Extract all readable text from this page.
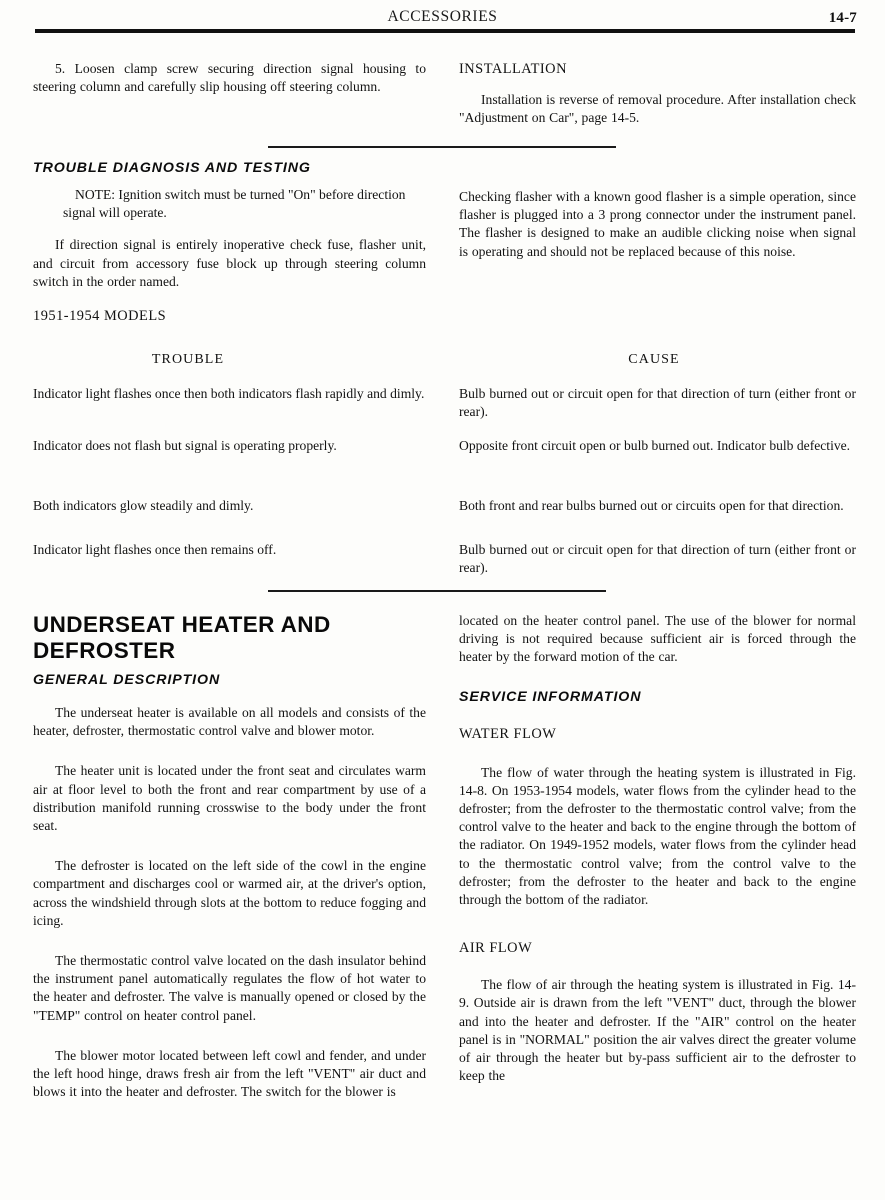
ACCESSORIES	14-7

5. Loosen clamp screw securing direction signal housing to steering column and carefully slip housing off steering column.

INSTALLATION

Installation is reverse of removal procedure. After installation check "Adjustment on Car", page 14-5.

TROUBLE DIAGNOSIS AND TESTING

NOTE: Ignition switch must be turned "On" before direction signal will operate.

If direction signal is entirely inoperative check fuse, flasher unit, and circuit from accessory fuse block up through steering column switch in the order named.

1951-1954 MODELS

Checking flasher with a known good flasher is a simple operation, since flasher is plugged into a 3 prong connector under the instrument panel. The flasher is designed to make an audible clicking noise when signal is operating and should not be replaced because of this noise.

TROUBLE	CAUSE

Indicator light flashes once then both indicators flash rapidly and dimly.	Bulb burned out or circuit open for that direction of turn (either front or rear).

Indicator does not flash but signal is operating properly.	Opposite front circuit open or bulb burned out. Indicator bulb defective.

Both indicators glow steadily and dimly.	Both front and rear bulbs burned out or circuits open for that direction.

Indicator light flashes once then remains off.	Bulb burned out or circuit open for that direction of turn (either front or rear).

UNDERSEAT HEATER AND DEFROSTER
GENERAL DESCRIPTION

The underseat heater is available on all models and consists of the heater, defroster, thermostatic control valve and blower motor.

The heater unit is located under the front seat and circulates warm air at floor level to both the front and rear compartment by use of a distribution manifold running crosswise to the body under the front seat.

The defroster is located on the left side of the cowl in the engine compartment and discharges cool or warmed air, at the driver's option, across the windshield through slots at the bottom to reduce fogging and icing.

The thermostatic control valve located on the dash insulator behind the instrument panel automatically regulates the flow of hot water to the heater and defroster. The valve is manually opened or closed by the "TEMP" control on heater control panel.

The blower motor located between left cowl and fender, and under the left hood hinge, draws fresh air from the left "VENT" air duct and blows it into the heater and defroster. The switch for the blower is

located on the heater control panel. The use of the blower for normal driving is not required because sufficient air is forced through the heater by the forward motion of the car.

SERVICE INFORMATION
WATER FLOW

The flow of water through the heating system is illustrated in Fig. 14-8. On 1953-1954 models, water flows from the cylinder head to the defroster; from the defroster to the thermostatic control valve; from the control valve to the heater and back to the engine through the bottom of the radiator. On 1949-1952 models, water flows from the cylinder head to the thermostatic control valve; from the control valve to the defroster; from the defroster to the heater and back to the engine through the bottom of the radiator.

AIR FLOW

The flow of air through the heating system is illustrated in Fig. 14-9. Outside air is drawn from the left "VENT" duct, through the blower and into the heater and defroster. If the "AIR" control on the heater panel is in "NORMAL" position the air valves direct the greater volume of air through the heater but by-pass sufficient air to the defroster to keep the
